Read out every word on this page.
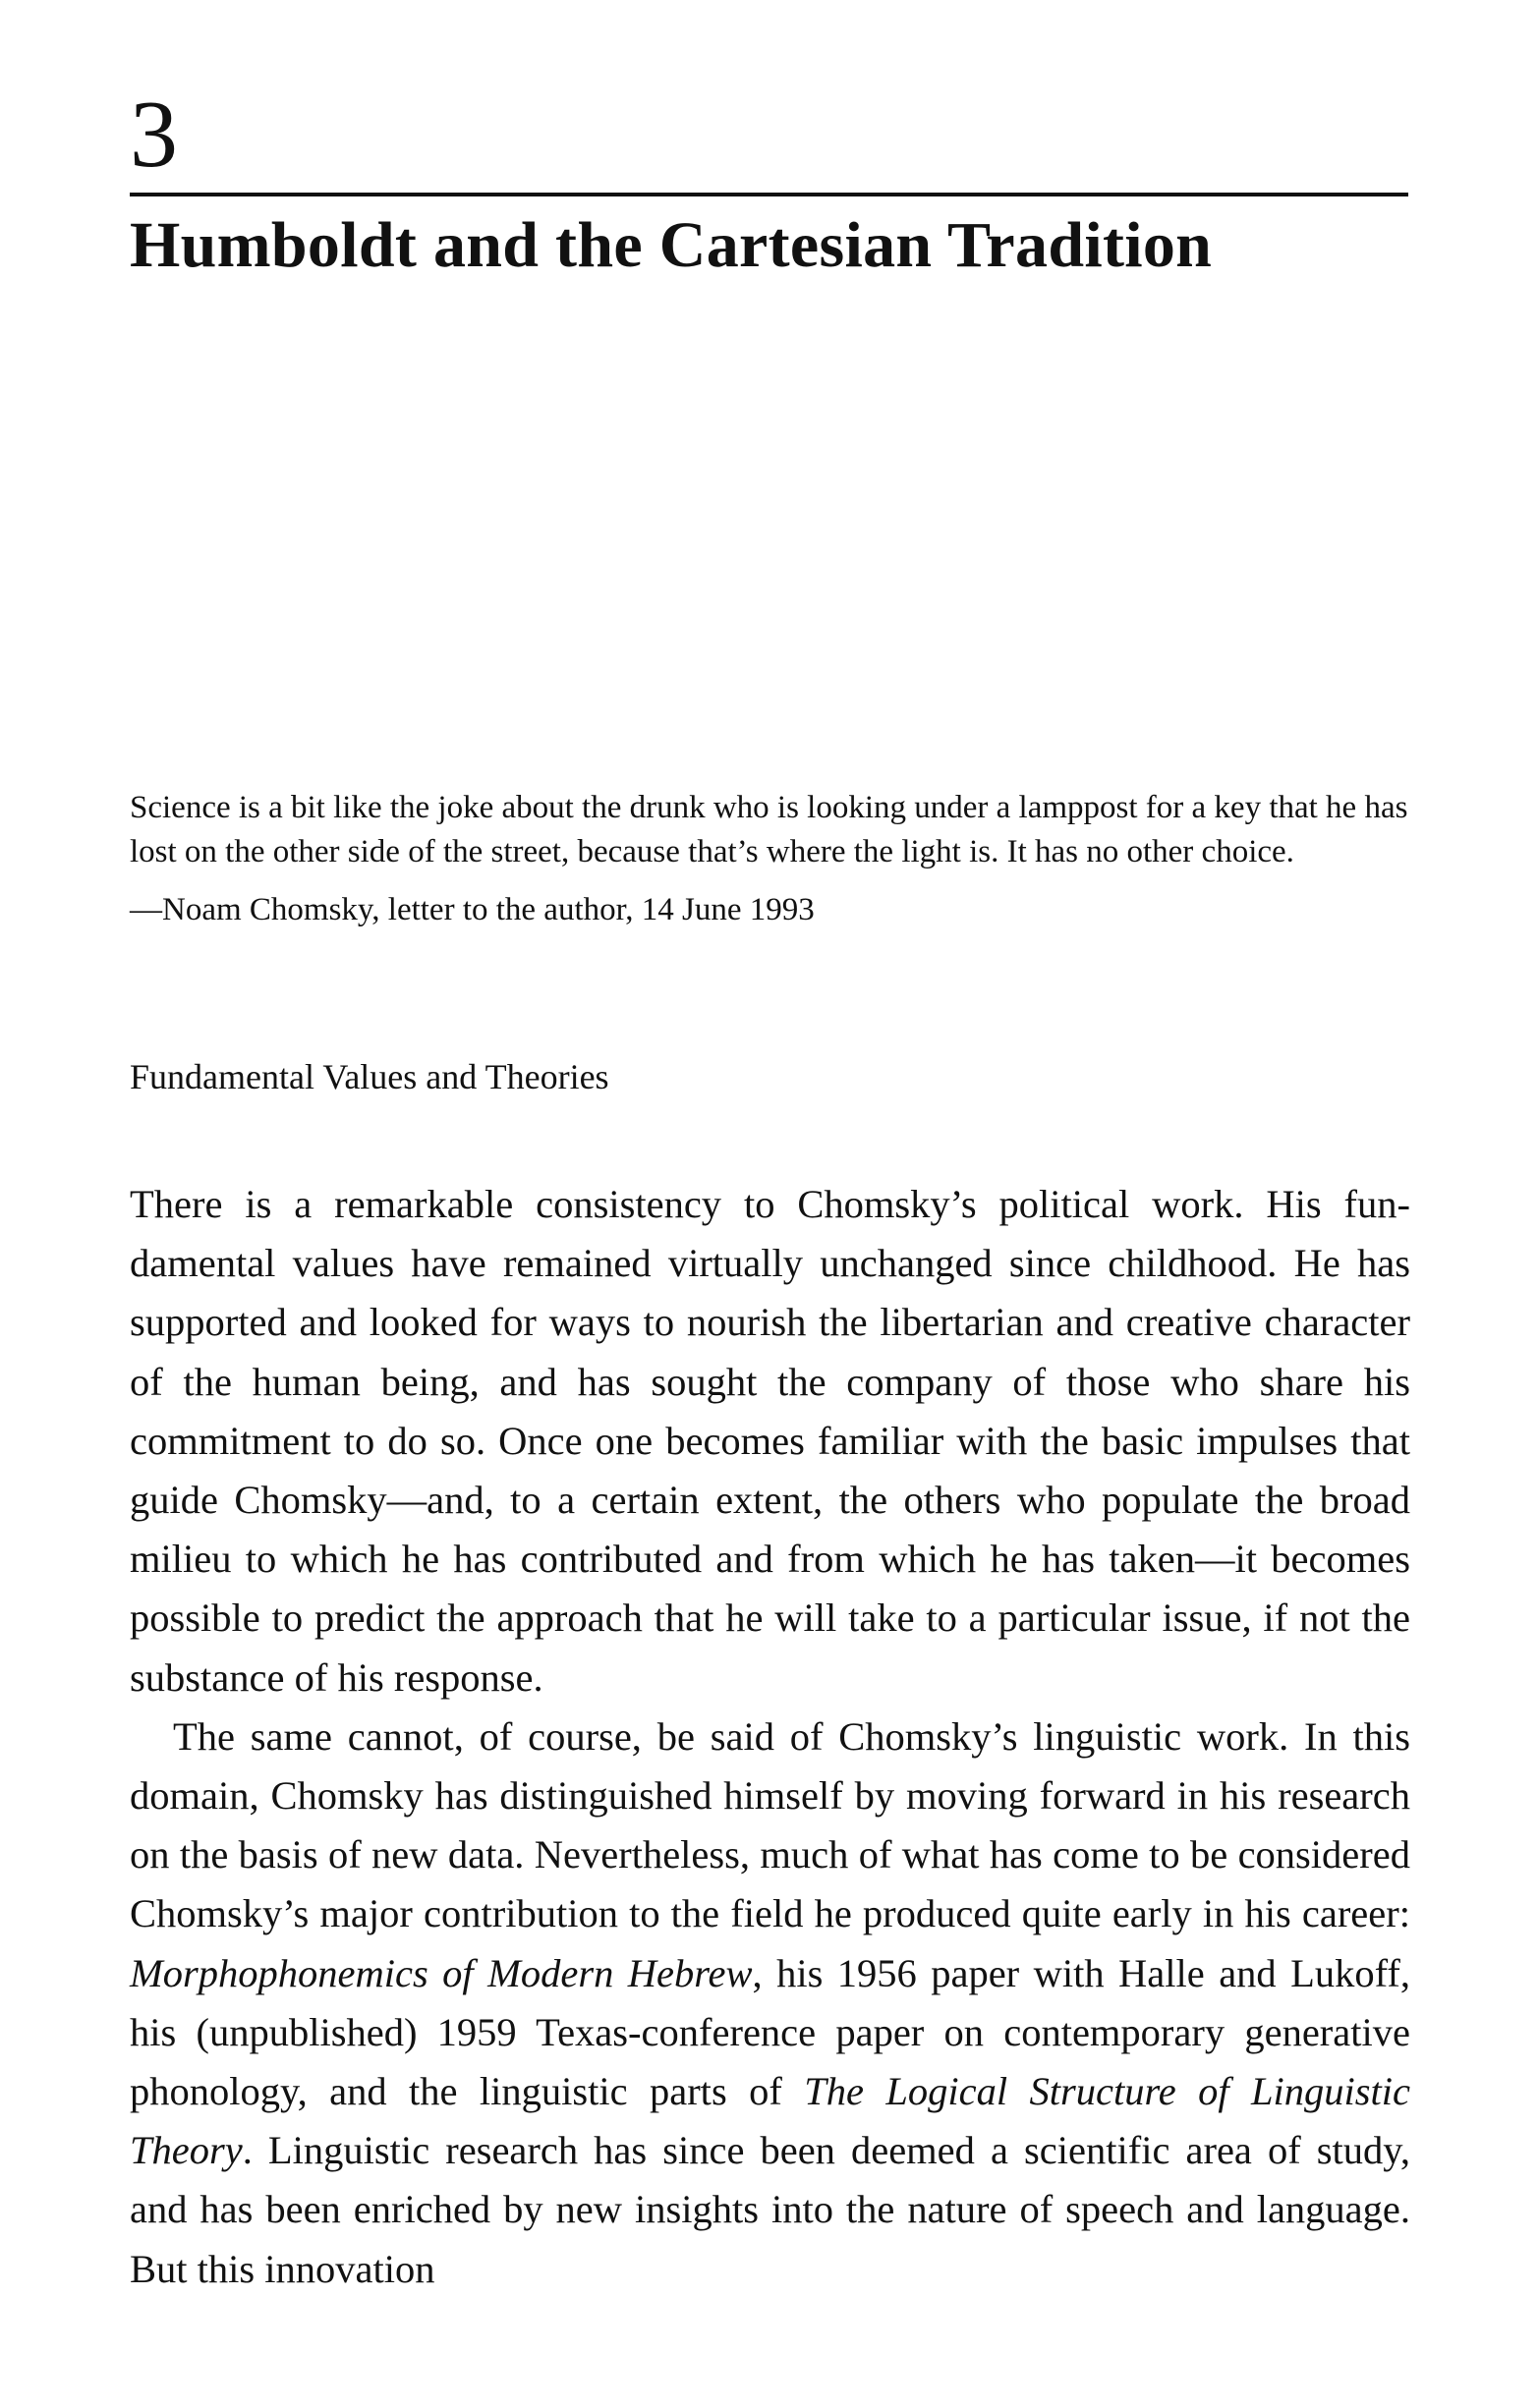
3
Humboldt and the Cartesian Tradition
Science is a bit like the joke about the drunk who is looking under a lamppost for a key that he has lost on the other side of the street, because that’s where the light is. It has no other choice.
—Noam Chomsky, letter to the author, 14 June 1993
Fundamental Values and Theories

There is a remarkable consistency to Chomsky’s political work. His fundamental values have remained virtually unchanged since childhood. He has supported and looked for ways to nourish the libertarian and creative character of the human being, and has sought the company of those who share his commitment to do so. Once one becomes familiar with the basic impulses that guide Chomsky—and, to a certain extent, the others who populate the broad milieu to which he has contributed and from which he has taken—it becomes possible to predict the approach that he will take to a particular issue, if not the substance of his response.

The same cannot, of course, be said of Chomsky’s linguistic work. In this domain, Chomsky has distinguished himself by moving forward in his research on the basis of new data. Nevertheless, much of what has come to be considered Chomsky’s major contribution to the field he produced quite early in his career: Morphophonemics of Modern Hebrew, his 1956 paper with Halle and Lukoff, his (unpublished) 1959 Texas-conference paper on contemporary generative phonology, and the linguistic parts of The Logical Structure of Linguistic Theory. Linguistic research has since been deemed a scientific area of study, and has been enriched by new insights into the nature of speech and language. But this innovation
